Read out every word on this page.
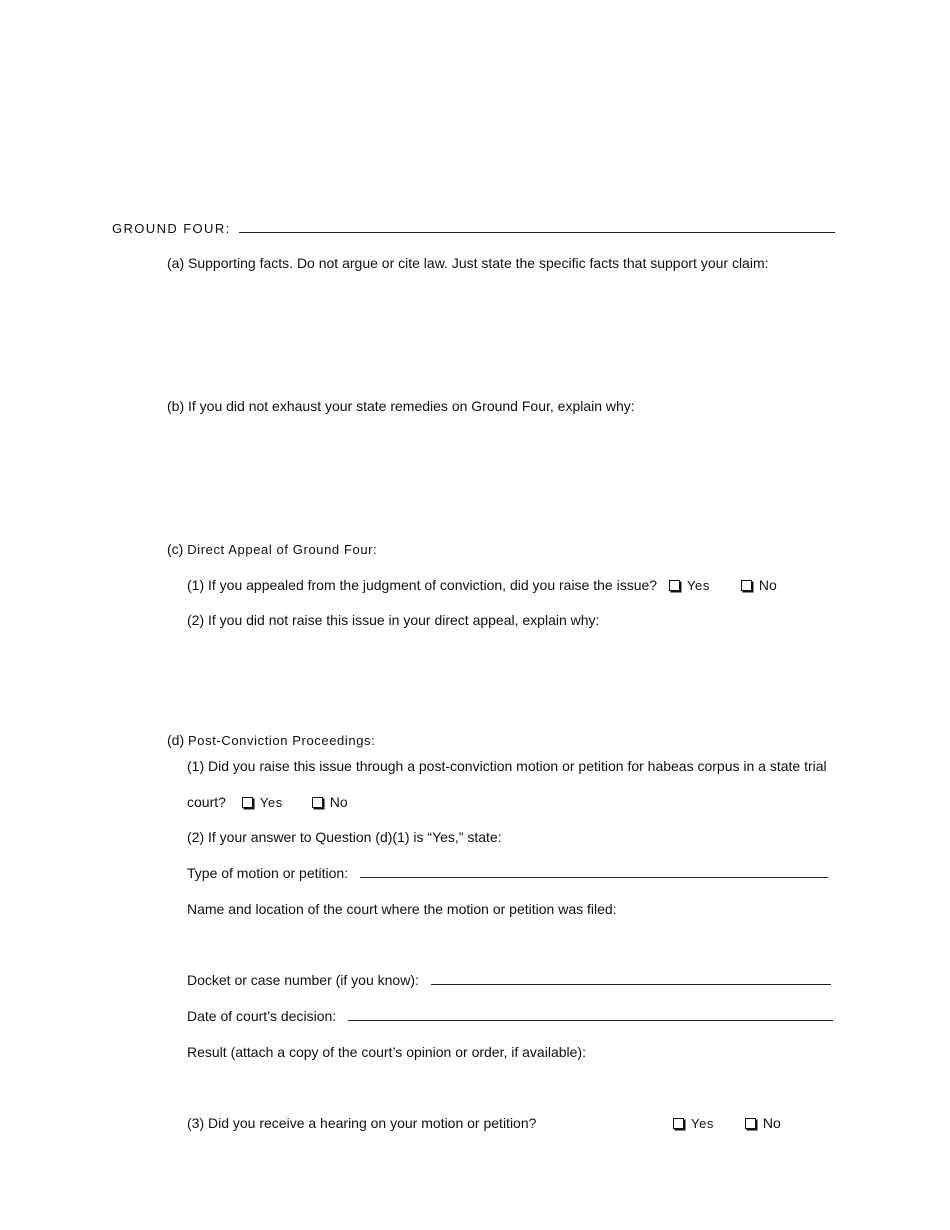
GROUND FOUR:
(a) Supporting facts. Do not argue or cite law. Just state the specific facts that support your claim:
(b) If you did not exhaust your state remedies on Ground Four, explain why:
(c) Direct Appeal of Ground Four:
(1) If you appealed from the judgment of conviction, did you raise the issue? Yes	No
(2) If you did not raise this issue in your direct appeal, explain why:
(d) Post-Conviction Proceedings:
(1) Did you raise this issue through a post-conviction motion or petition for habeas corpus in a state trial
court?	Yes	No
(2) If your answer to Question (d)(1) is “Yes,” state:
Type of motion or petition:
Name and location of the court where the motion or petition was filed:
Docket or case number (if you know):
Date of court’s decision:
Result (attach a copy of the court’s opinion or order, if available):
(3) Did you receive a hearing on your motion or petition?	Yes	No
